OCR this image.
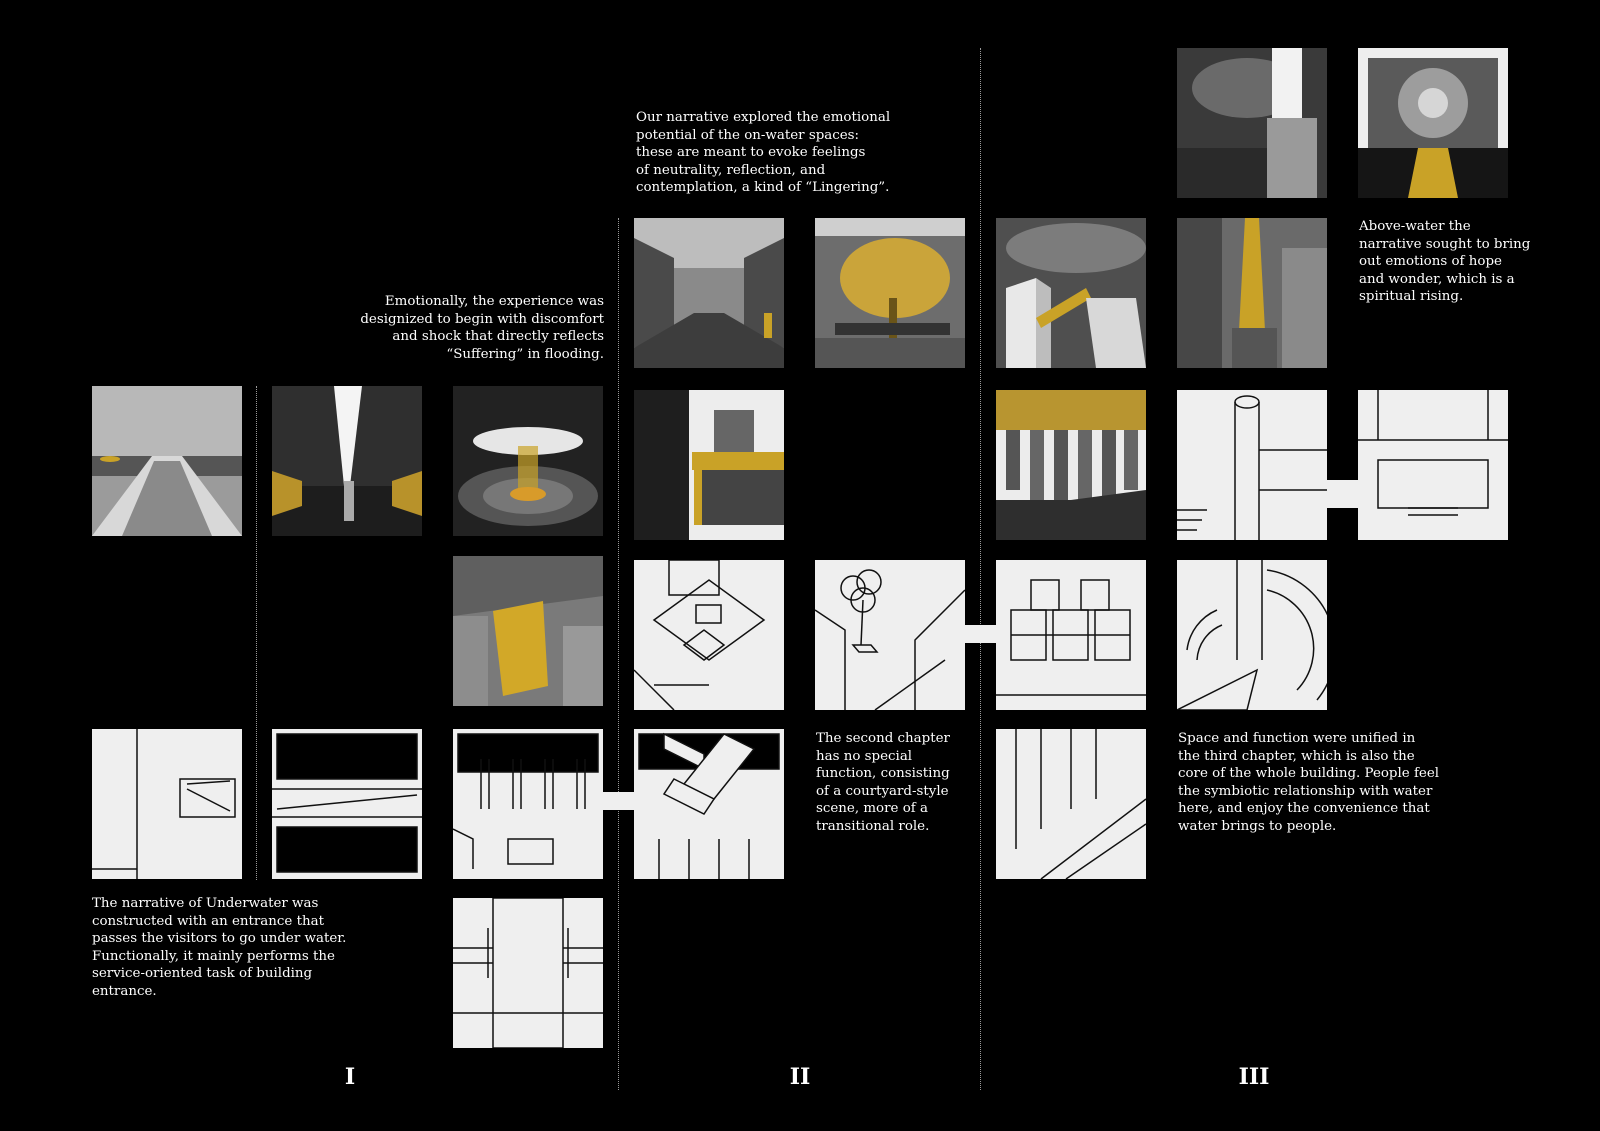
Emotionally, the experience was
designized to begin with discomfort
and shock that directly reflects
“Suffering” in flooding.

Our narrative explored the emotional
potential of the on-water spaces:
these are meant to evoke feelings
of neutrality, reflection, and
contemplation, a kind of “Lingering”.

Above-water the
narrative sought to bring
out emotions of hope
and wonder, which is a
spiritual rising.

The second chapter
has no special
function, consisting
of a courtyard-style
scene, more of a
transitional role.

Space and function were unified in
the third chapter, which is also the
core of the whole building. People feel
the symbiotic relationship with water
here, and enjoy the convenience that
water brings to people.

The narrative of Underwater was
constructed with an entrance that
passes the visitors to go under water.
Functionally, it mainly performs the
service-oriented task of building
entrance.

I	II	III
